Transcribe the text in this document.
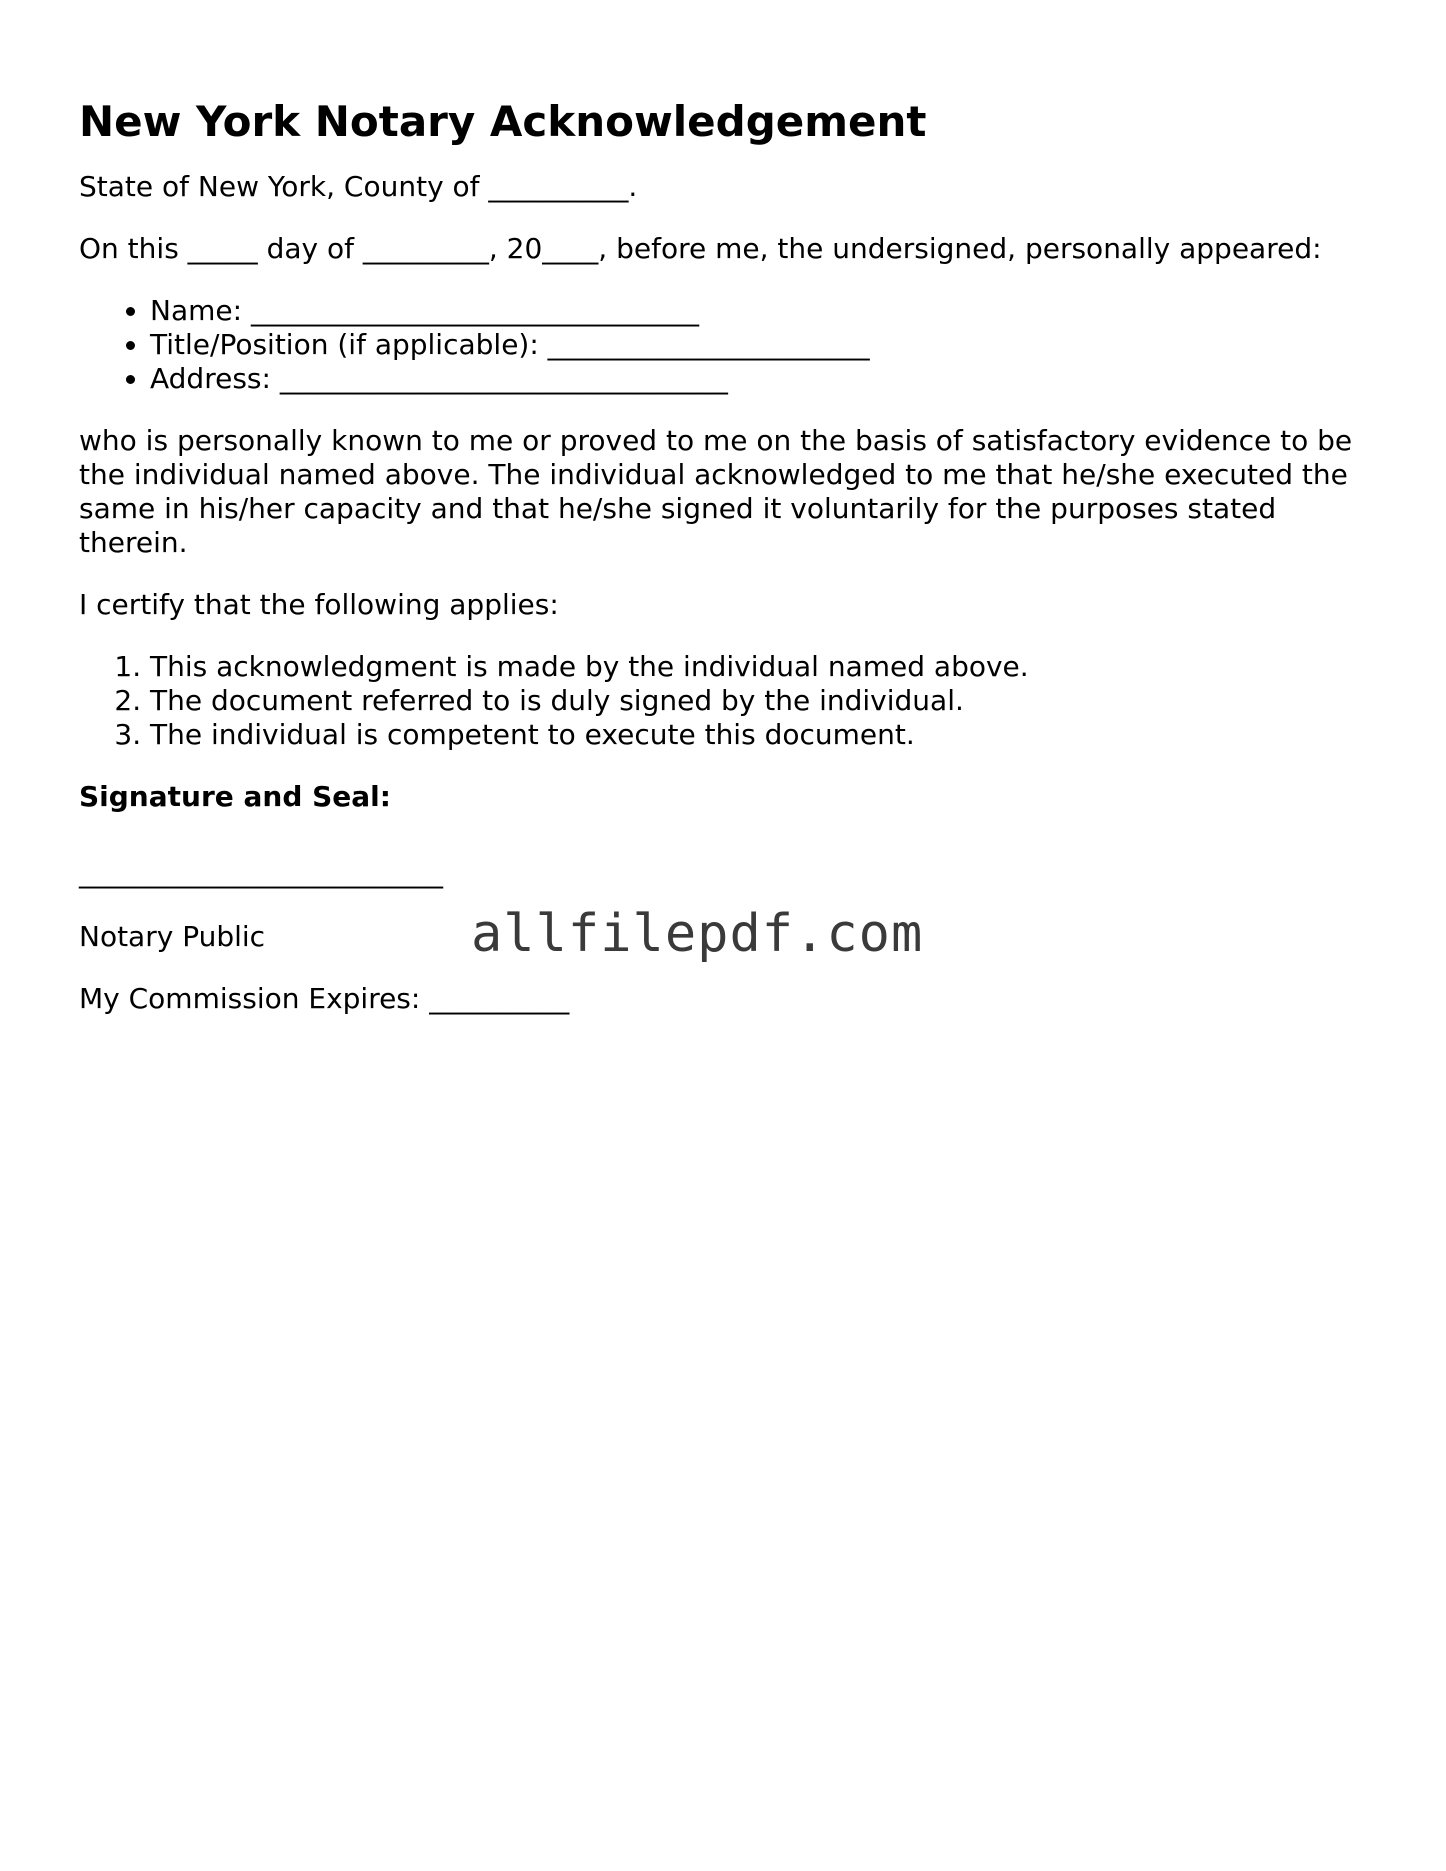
New York Notary Acknowledgement

State of New York, County of __________.

On this _____ day of _________, 20____, before me, the undersigned, personally appeared:

• Name: ________________________________
• Title/Position (if applicable): _______________________
• Address: ________________________________

who is personally known to me or proved to me on the basis of satisfactory evidence to be the individual named above. The individual acknowledged to me that he/she executed the same in his/her capacity and that he/she signed it voluntarily for the purposes stated therein.

I certify that the following applies:

1. This acknowledgment is made by the individual named above.
2. The document referred to is duly signed by the individual.
3. The individual is competent to execute this document.

Signature and Seal:

__________________________

Notary Public	allfilepdf.com

My Commission Expires: __________
